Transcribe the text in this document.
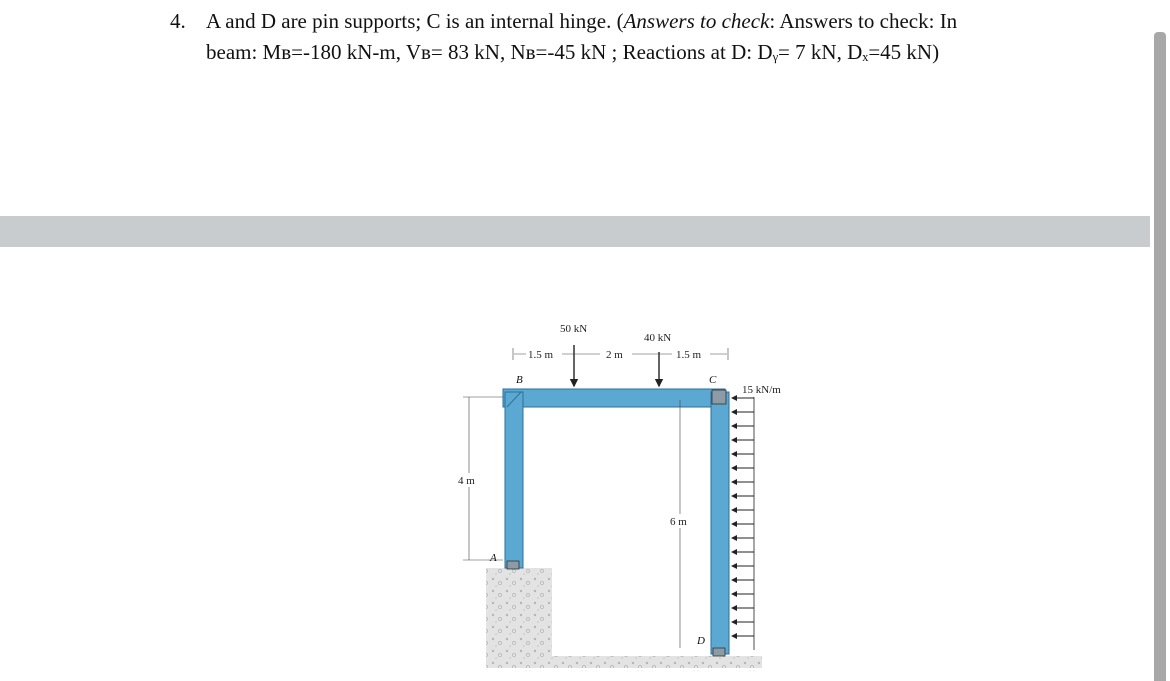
4. A and D are pin supports; C is an internal hinge. (Answers to check: Answers to check: In
beam: Mʙ=-180 kN-m, Vʙ= 83 kN, Nʙ=-45 kN ; Reactions at D: Dᵧ= 7 kN, Dₓ=45 kN)
50 kN
40 kN
1.5 m	2 m	1.5 m
4 m
6 m
15 kN/m
B	C
A
D
